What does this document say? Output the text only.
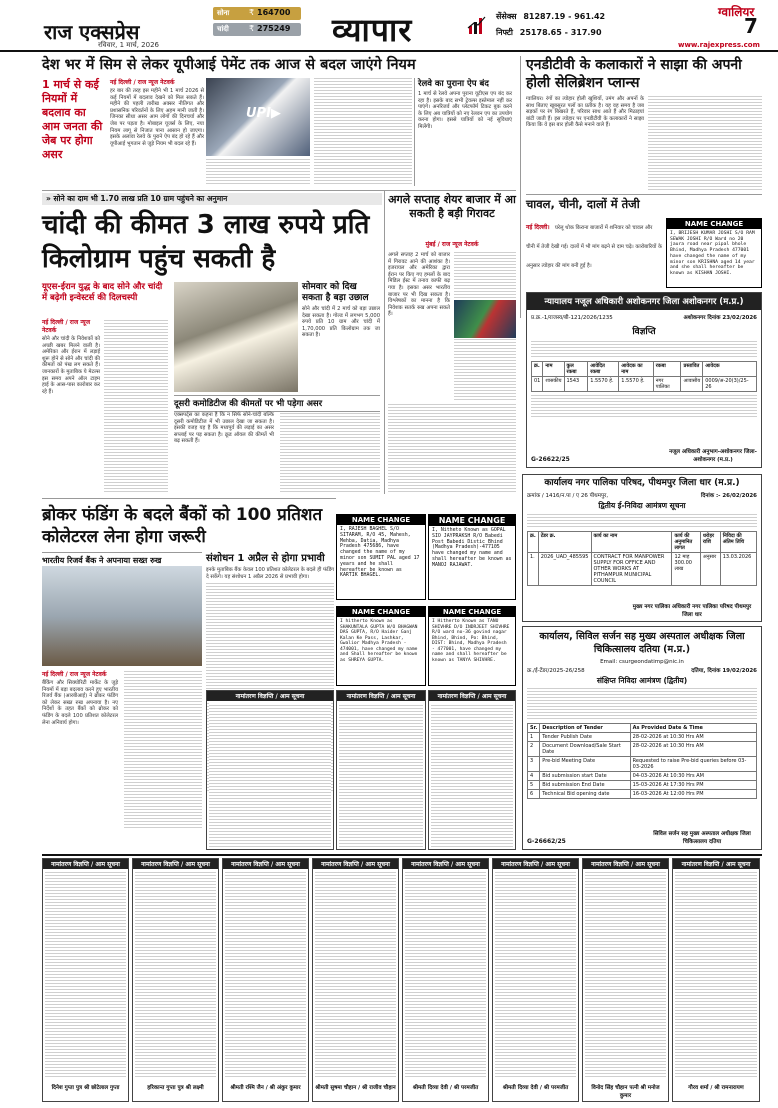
राज एक्सप्रेस
रविवार, 1 मार्च, 2026
सोना ₹ 164700
चांदी	₹ 275249 व्यापार	सेंसेक्स 81287.19 - 961.42
निफ्टी 25178.65 - 317.90
ग्वालियर
7
www.rajexpress.com
देश भर में सिम से लेकर यूपीआई पेमेंट तक आज से बदल जाएंगे नियम
1 मार्च से कई नियमों में बदलाव का आम जनता की जेब पर होगा असर
नई दिल्ली / राज न्यूज नेटवर्क
हर बार की तरह इस महीने भी 1 मार्च 2026 से कई नियमों में बदलाव देखने को मिल सकते हैं। महीने की पहली तारीख अक्सर नीतिगत और प्रशासनिक परिवर्तनों के लिए अहम मानी जाती है। जिनका सीधा असर आम लोगों की दिनचर्या और जेब पर पड़ता है। मोबाइल यूजर्स के लिए, नया नियम लागू से निजात पाना आसान हो जाएगा। इसके अलावा रेलवे के पुराने ऐप बंद हो रहे हैं और यूपीआई भुगतान से जुड़े नियम भी बदल रहे हैं।
UPI▶
रेलवे का पुराना ऐप बंद
1 मार्च से रेलवे अपना पुराना यूटीएस एप बंद कर रहा है। इसके बाद सभी ट्रेवल्स इस्तेमाल नहीं कर पाएंगे। अनरिजर्व और प्लेटफॉर्म टिकट बुक करने के लिए अब यात्रियों को नए रेलवन एप का उपयोग करना होगा। इससे यात्रियों को नई सुविधाएं मिलेंगी।
एनडीटीवी के कलाकारों ने साझा की अपनी होली सेलिब्रेशन प्लान्स
ग्वालियर। रंगों का त्योहार होली खुशियों, उमंग और अपनों के साथ बिताए खूबसूरत पलों का प्रतीक है। यह वह समय है जब सड़कों पर रंग बिखरते हैं, परिवार साथ आते हैं और मिठाइयां बांटी जाती हैं। इस त्योहार पर एनडीटीवी के कलाकारों ने साझा किया कि वे इस बार होली कैसे मनाने वाले हैं।
चावल, चीनी, दालों में तेजी
नई दिल्ली। घरेलू थोक किराना बाजारों में शनिवार को चावल और चीनी में तेजी देखी गई। दालों में भी मांग बढ़ने से दाम चढ़े। कारोबारियों के अनुसार त्योहार की मांग बनी हुई है।
NAME CHANGE
I, BRIJESH KUMAR JOSHI S/O RAM SEWAK JOSHI R/O Ward no 20 jaura road near pipal bhole Bhind, Madhya Pradesh 477001 have changed the name of my minor son KRISHNA aged 14 year and she shall hereafter be known as KISHAN JOSHI.
न्यायालय नजूल अधिकारी अशोकनगर जिला अशोकनगर (म.प्र.)
प्र.क्र.-1/राजस्व/बी-121/2026/1235	अशोकनगर दिनांक 23/02/2026
विज्ञप्ति
क्र.	नाम	कुल रकबा	आवेदित रकबा	आवेदक का नाम	रकबा	प्रस्तावित	आवेदक
01	शासकीय	1543	1.5570 हे.	1.5570 हे.	नगर पालिका	आवासीय	0009/अ-20(3)/25-26
नजूल अधिकारी अनुभाग-अशोकनगर जिला-अशोकनगर (म.प्र.)
G-26622/25
» सोने का दाम भी 1.70 लाख प्रति 10 ग्राम पहुंचने का अनुमान
चांदी की कीमत 3 लाख रुपये प्रति किलोग्राम पहुंच सकती है
यूएस-ईरान युद्ध के बाद सोने और चांदी में बढ़ेगी इन्वेस्टर्स की दिलचस्पी
नई दिल्ली / राज न्यूज नेटवर्क
सोने और चांदी के निवेशकों को अच्छी खबर मिलने वाली है। अमेरिका और ईरान में लड़ाई शुरू होने से सोने और चांदी की कीमतों को पंख लग सकते हैं। जानकारों के मुताबिक ये मेटल्स इस समय अपने ऑल टाइम हाई के आस-पास कारोबार कर रहे हैं।
सोमवार को दिख सकता है बड़ा उछाल
सोने और चांदी में 2 मार्च को बड़ा उछाल देखा सकता है। गोल्ड में लगभग 5,000 रुपये प्रति 10 ग्राम और चांदी में 1,70,000 प्रति किलोग्राम तक जा सकता है।
दूसरी कमोडिटीज की कीमतों पर भी पड़ेगा असर
एक्सपर्ट्स का कहना है कि न सिर्फ सोने-चांदी बल्कि दूसरी कमोडिटीज में भी उछाल देखा जा सकता है। इसकी वजह यह है कि मध्यपूर्व की लड़ाई का असर सप्लाई पर पड़ सकता है। क्रूड ऑयल की कीमतें भी बढ़ सकती हैं।
अगले सप्ताह शेयर बाजार में आ सकती है बड़ी गिरावट
मुंबई / राज न्यूज नेटवर्क
अगले सप्ताह 2 मार्च को बाजार में गिरावट आने की आशंका है। इजरायल और अमेरिका द्वारा ईरान पर किए गए हमलों के बाद मिडिल ईस्ट में तनाव काफी बढ़ गया है। इसका असर भारतीय बाजार पर भी दिख सकता है। विश्लेषकों का मानना है कि निवेशक सतर्क रुख अपना सकते हैं।
ब्रोकर फंडिंग के बदले बैंकों को 100 प्रतिशत कोलेटरल लेना होगा जरूरी
भारतीय रिजर्व बैंक ने अपनाया सख्त रुख
नई दिल्ली / राज न्यूज नेटवर्क
बैंकिंग और सिक्योरिटी मार्केट के जुड़े नियमों में बड़ा बदलाव करने हुए भारतीय रिजर्व बैंक (आरबीआई) ने ब्रोकर फंडिंग को लेकर सख्त रुख अपनाया है। नए निर्देशों के तहत बैंकों को ब्रोकर को फंडिंग के बदले 100 प्रतिशत कोलेटरल लेना अनिवार्य होगा।
संशोधन 1 अप्रैल से होगा प्रभावी
इनके मुताबिक बैंक केवल 100 प्रतिशत कोलेटरल के बदले ही फंडिंग दे सकेंगे। यह संशोधन 1 अप्रैल 2026 से प्रभावी होगा।
NAME CHANGE
I, RAJESH BAGHEL S/O SITARAM, R/O 45, Mahesh, Mehba, Datia, Madhya Pradesh 475686, have changed the name of my minor son SUMIT PAL aged 17 years and he shall hereafter be known as KARTIK BHAGEL.
NAME CHANGE
I, Nitheto Known as GOPAL SIO JAYPRAKSH R/O Babedi Post Babedi Distic Bhind (Madhya Pradesh)-477105 have changed my name and shall hereafter be known as MANOJ RAJAWAT.
NAME CHANGE
I hitherto Known as SHAKUNTALA GUPTA W/O BHAGWAN DAS GUPTA, R/O Haider Ganj Kalan Ke Pass, Lashkar, Gwalior Madhya Pradesh - 474001, have changed my name and Shall hereafter be known as SHREYA GUPTA.
NAME CHANGE
I Hitherto Known as TANU SHIVHRE D/O INDRJEET SHIVHRE R/O ward no-36 govind nagar Bhind, Bhind, Po: Bhind, DIST: Bhind, Madhya Pradesh - 477001, have changed my name and shall hereafter be known as TANYA SHIVHRE.
नामांतरण विज्ञप्ति / आम सूचना	नामांतरण विज्ञप्ति / आम सूचना
नामांतरण विज्ञप्ति / आम सूचना
कार्यालय नगर पालिका परिषद, पीथमपुर जिला धार (म.प्र.)
क्रमांक / 1416/न.पा / ए 26 पीथमपुर,	दिनांक :- 26/02/2026
द्वितीय ई-निविदा आमंत्रण सूचना
क्र.	टेंडर क्र.	कार्य का नाम	कार्य की अनुमानित लागत	धरोहर राशि	निविदा की अंतिम तिथि
1.	2026_UAD_485595	CONTRACT FOR MANPOWER SUPPLY FOR OFFICE AND OTHER WORKS AT PITHAMPUR MUNICIPAL COUNCIL	12 माह 300.00 लाख	अनुसार	13.03.2026
मुख्य नगर पालिका अधिकारी नगर पालिका परिषद पीथमपुर जिला धार
कार्यालय, सिविल सर्जन सह मुख्य अस्पताल अधीक्षक जिला चिकित्सालय दतिया (म.प्र.)
Email: csurgeondatimp@nic.in
क्र./ई-टेंडर/2025-26/258	दतिया, दिनांक 19/02/2026
संक्षिप्त निविदा आमंत्रण (द्वितीय)
Sr.	Description of Tender	As Provided Date & Time
1	Tender Publish Date	28-02-2026 at 10:30 Hrs AM
2	Document Download/Sale Start Date	28-02-2026 at 10:30 Hrs AM
3	Pre-bid Meeting Date	Requested to raise Pre-bid queries before 03-03-2026
4	Bid submission start Date	04-03-2026 At 10:30 Hrs AM
5	Bid submission End Date	15-03-2026 At 17:30 Hrs PM
6	Technical Bid opening date	16-03-2026 At 12:00 Hrs PM
G-26662/25
सिविल सर्जन सह मुख्य अस्पताल अधीक्षक जिला चिकित्सालय दतिया
नामांतरण विज्ञप्ति / आम सूचना
दिनेश गुप्ता पुत्र श्री छोटेलाल गुप्ता
नामांतरण विज्ञप्ति / आम सूचना
हरिकान्त गुप्ता पुत्र श्री लक्ष्मी
नामांतरण विज्ञप्ति / आम सूचना
श्रीमती रश्मि जैन / श्री अंकुर कुमार
नामांतरण विज्ञप्ति / आम सूचना
श्रीमती सुषमा चौहान / श्री राजीव चौहान
नामांतरण विज्ञप्ति / आम सूचना
श्रीमती दिव्या देवी / श्री परमजीत
नामांतरण विज्ञप्ति / आम सूचना
श्रीमती दिव्या देवी / श्री परमजीत
नामांतरण विज्ञप्ति / आम सूचना
विनोद सिंह चौहान पत्नी श्री मनोज कुमार
नामांतरण विज्ञप्ति / आम सूचना
गौरव शर्मा / श्री रामनारायण
